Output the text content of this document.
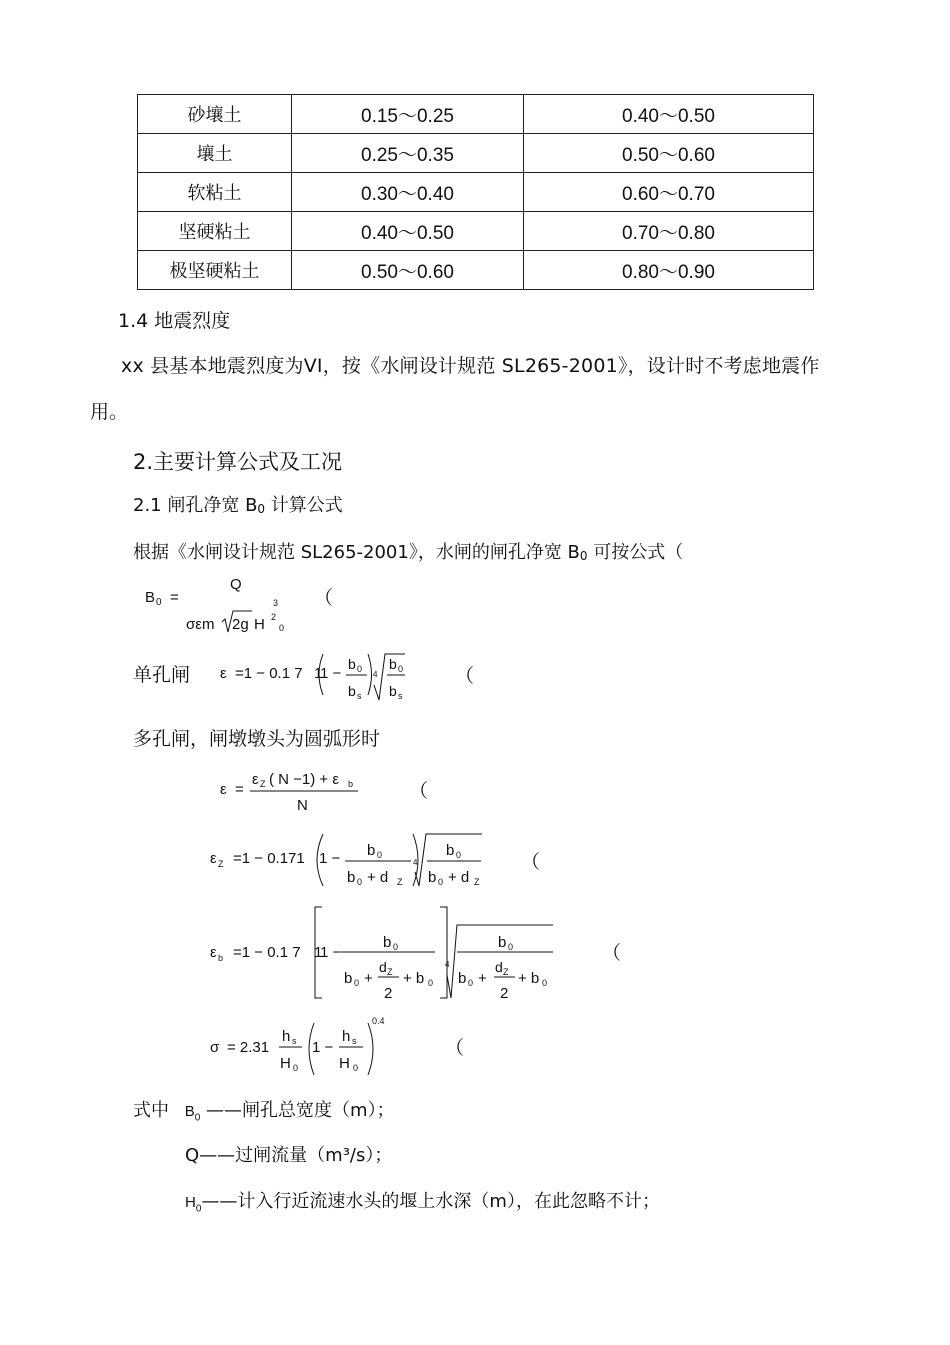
砂壤土	0.15～0.25	0.40～0.50
壤土	0.25～0.35	0.50～0.60
软粘土	0.30～0.40	0.60～0.70
坚硬粘土	0.40～0.50	0.70～0.80
极坚硬粘土	0.50～0.60	0.80～0.90
1.4 地震烈度
xx 县基本地震烈度为VI，按《水闸设计规范 SL265-2001》，设计时不考虑地震作
用。
2.主要计算公式及工况
2.1 闸孔净宽 $B_0$ 计算公式
根据《水闸设计规范 SL265-2001》，水闸的闸孔净宽 $B_0$ 可按公式（
B 0 =
Q
σεm 2g H
3
2
0
（
单孔闸 ε =1 − 0.1 7 1
1 −
b 0
b s
4
b 0
b s
（
多孔闸，闸墩墩头为圆弧形时
ε =
ε Z ( N −1) + ε b
N
（
ε Z =1 − 0.171 1 − b 0
b 0 + d Z
4
b 0
b 0 + d Z
（
ε b =1 − 0.1 7 1
1 −
b 0
b 0 +
d Z
2
+ b 0
4
b 0
b 0 +
d Z
2
+ b 0
（
σ = 2.31
h s
H 0
1 −
h s
H 0
0.4
（
式中 $B_0$ ——闸孔总宽度（m）；
Q——过闸流量（m³/s）；
$H_0——$计入行近流速水头的堰上水深（m），在此忽略不计；
